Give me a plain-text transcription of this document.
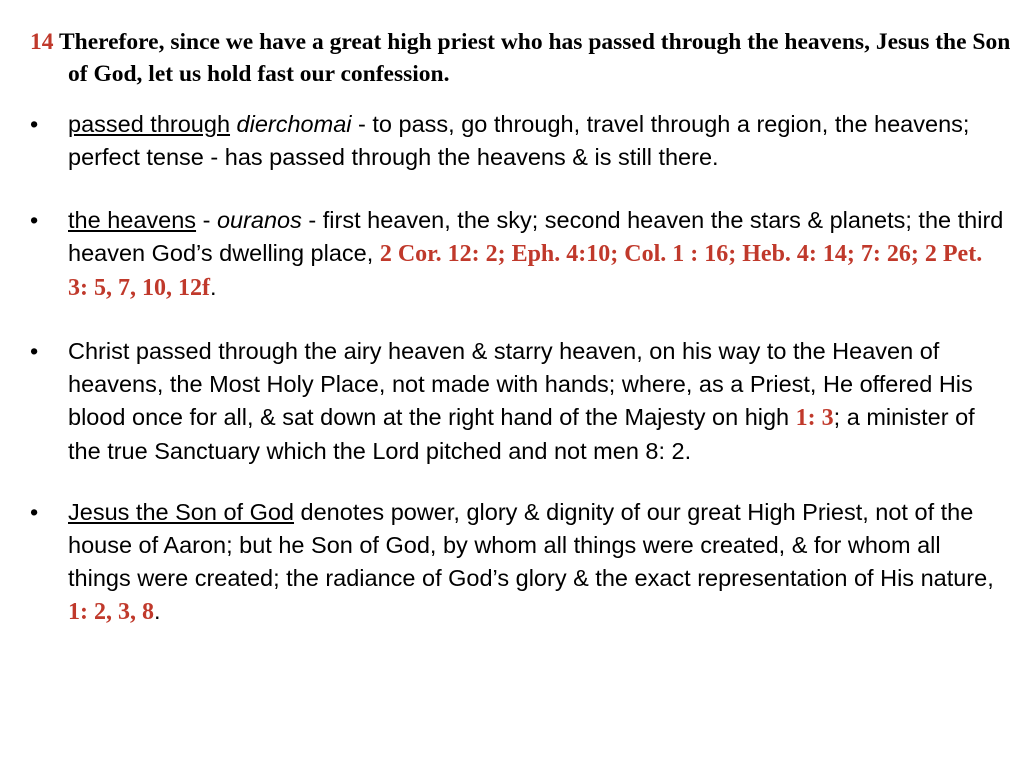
14 Therefore, since we have a great high priest who has passed through the heavens, Jesus the Son of God, let us hold fast our confession.

• passed through dierchomai - to pass, go through, travel through a region, the heavens; perfect tense - has passed through the heavens & is still there.
• the heavens - ouranos - first heaven, the sky; second heaven the stars & planets; the third heaven God’s dwelling place, 2 Cor. 12: 2; Eph. 4:10; Col. 1 : 16; Heb. 4: 14; 7: 26; 2 Pet. 3: 5, 7, 10, 12f.
• Christ passed through the airy heaven & starry heaven, on his way to the Heaven of heavens, the Most Holy Place, not made with hands; where, as a Priest, He offered His blood once for all, & sat down at the right hand of the Majesty on high 1: 3; a minister of the true Sanctuary which the Lord pitched and not men 8: 2.
• Jesus the Son of God denotes power, glory & dignity of our great High Priest, not of the house of Aaron; but he Son of God, by whom all things were created, & for whom all things were created; the radiance of God’s glory & the exact representation of His nature, 1: 2, 3, 8.
